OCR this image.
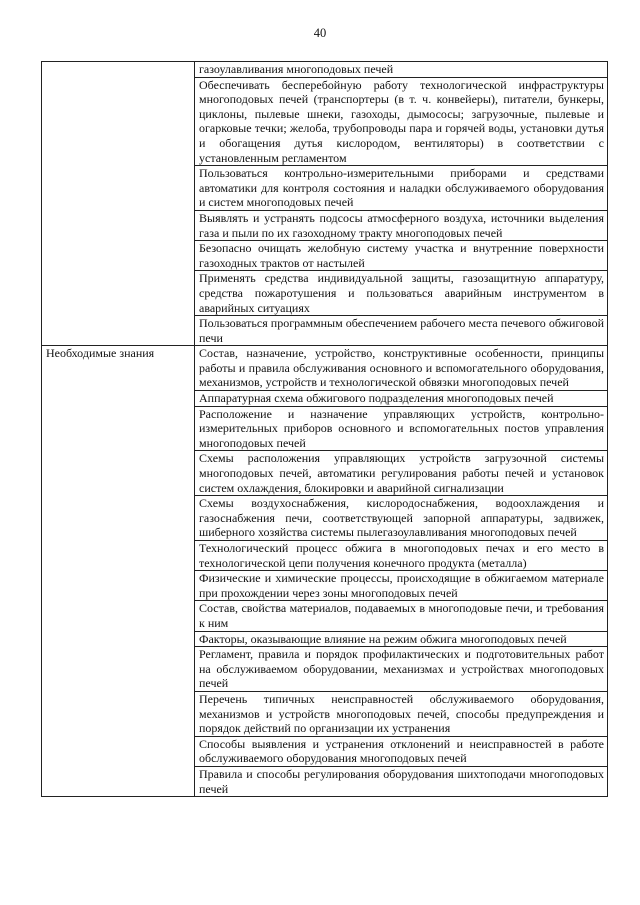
40
	газоулавливания многоподовых печей
	Обеспечивать бесперебойную работу технологической инфраструктуры многоподовых печей (транспортеры (в т. ч. конвейеры), питатели, бункеры, циклоны, пылевые шнеки, газоходы, дымососы; загрузочные, пылевые и огарковые течки; желоба, трубопроводы пара и горячей воды, установки дутья и обогащения дутья кислородом, вентиляторы) в соответствии с установленным регламентом
	Пользоваться контрольно-измерительными приборами и средствами автоматики для контроля состояния и наладки обслуживаемого оборудования и систем многоподовых печей
	Выявлять и устранять подсосы атмосферного воздуха, источники выделения газа и пыли по их газоходному тракту многоподовых печей
	Безопасно очищать желобную систему участка и внутренние поверхности газоходных трактов от настылей
	Применять средства индивидуальной защиты, газозащитную аппаратуру, средства пожаротушения и пользоваться аварийным инструментом в аварийных ситуациях
	Пользоваться программным обеспечением рабочего места печевого обжиговой печи
Необходимые знания	Состав, назначение, устройство, конструктивные особенности, принципы работы и правила обслуживания основного и вспомогательного оборудования, механизмов, устройств и технологической обвязки многоподовых печей
	Аппаратурная схема обжигового подразделения многоподовых печей
	Расположение и назначение управляющих устройств, контрольно-измерительных приборов основного и вспомогательных постов управления многоподовых печей
	Схемы расположения управляющих устройств загрузочной системы многоподовых печей, автоматики регулирования работы печей и установок систем охлаждения, блокировки и аварийной сигнализации
	Схемы воздухоснабжения, кислородоснабжения, водоохлаждения и газоснабжения печи, соответствующей запорной аппаратуры, задвижек, шиберного хозяйства системы пылегазоулавливания многоподовых печей
	Технологический процесс обжига в многоподовых печах и его место в технологической цепи получения конечного продукта (металла)
	Физические и химические процессы, происходящие в обжигаемом материале при прохождении через зоны многоподовых печей
	Состав, свойства материалов, подаваемых в многоподовые печи, и требования к ним
	Факторы, оказывающие влияние на режим обжига многоподовых печей
	Регламент, правила и порядок профилактических и подготовительных работ на обслуживаемом оборудовании, механизмах и устройствах многоподовых печей
	Перечень типичных неисправностей обслуживаемого оборудования, механизмов и устройств многоподовых печей, способы предупреждения и порядок действий по организации их устранения
	Способы выявления и устранения отклонений и неисправностей в работе обслуживаемого оборудования многоподовых печей
	Правила и способы регулирования оборудования шихтоподачи многоподовых печей
